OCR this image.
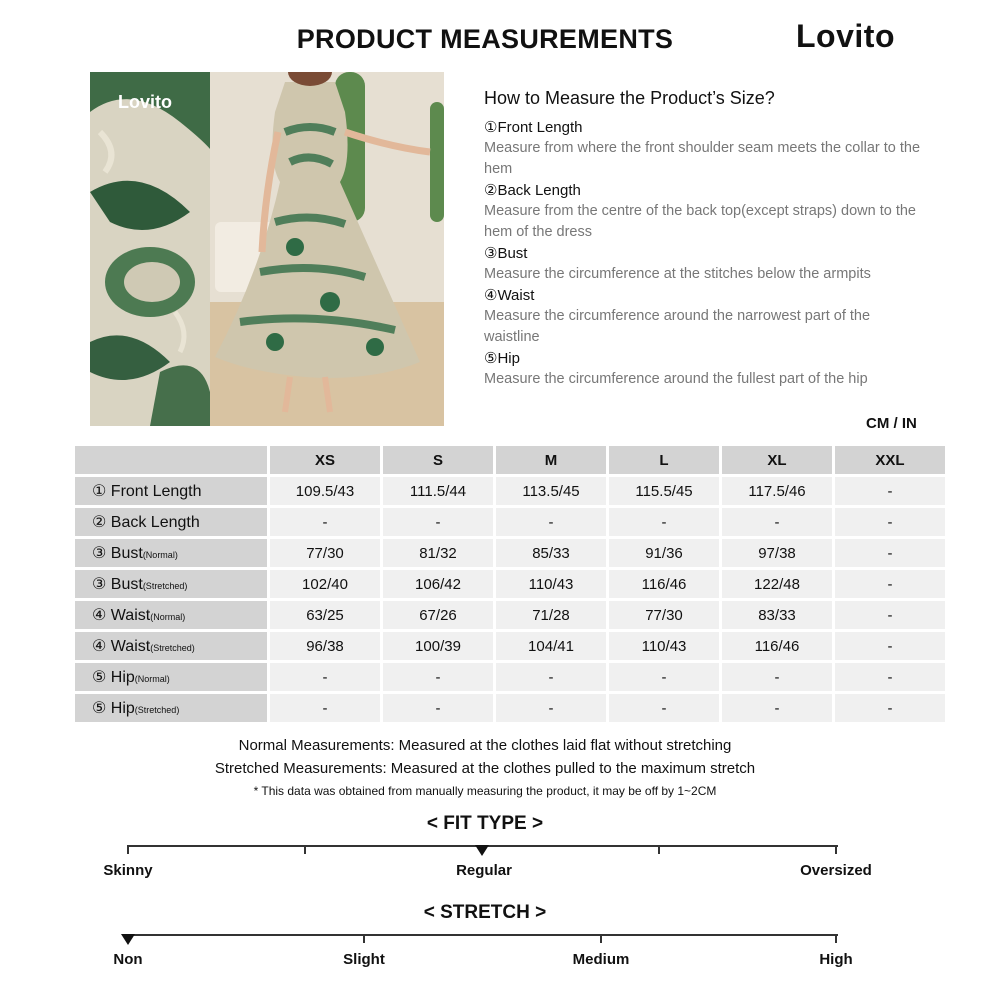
PRODUCT MEASUREMENTS	Lovito
Lovito	How to Measure the Product’s Size?
①Front Length
Measure from where the front shoulder seam meets the collar to the hem
②Back Length
Measure from the centre of the back top(except straps) down to the hem of the dress
③Bust
Measure the circumference at the stitches below the armpits
④Waist
Measure the circumference around the narrowest part of the waistline
⑤Hip
Measure the circumference around the fullest part of the hip
CM / IN
	XS	S	M	L	XL	XXL
① Front Length	109.5/43	111.5/44	113.5/45	115.5/45	117.5/46	-
② Back Length	-	-	-	-	-	-
③ Bust(Normal)	77/30	81/32	85/33	91/36	97/38	-
③ Bust(Stretched)	102/40	106/42	110/43	116/46	122/48	-
④ Waist(Normal)	63/25	67/26	71/28	77/30	83/33	-
④ Waist(Stretched)	96/38	100/39	104/41	110/43	116/46	-
⑤ Hip(Normal)	-	-	-	-	-	-
⑤ Hip(Stretched)	-	-	-	-	-	-
Normal Measurements: Measured at the clothes laid flat without stretching
Stretched Measurements: Measured at the clothes pulled to the maximum stretch
* This data was obtained from manually measuring the product, it may be off by 1~2CM
< FIT TYPE >
Skinny	Regular	Oversized
< STRETCH >
Non	Slight	Medium	High
